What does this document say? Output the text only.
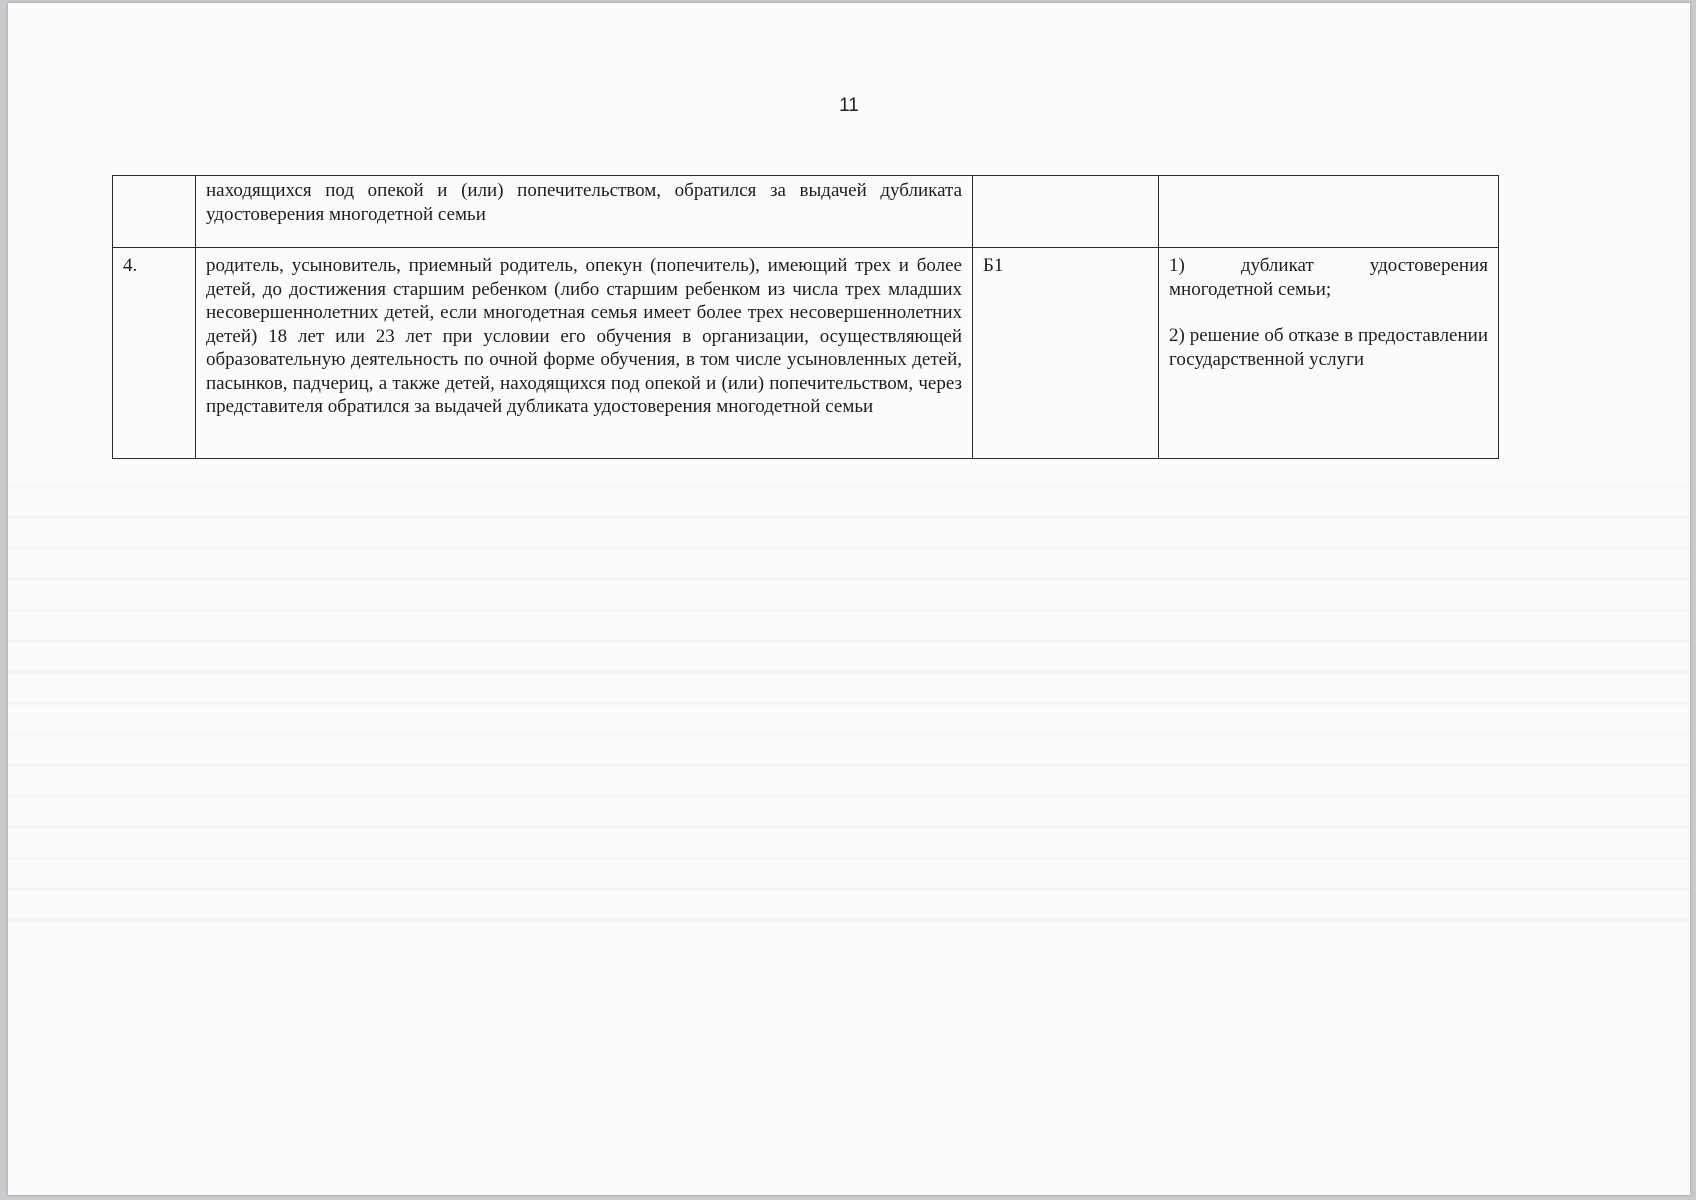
11
	находящихся под опекой и (или) попечительством, обратился за выдачей дубликата удостоверения многодетной семьи		
4.	родитель, усыновитель, приемный родитель, опекун (попечитель), имеющий трех и более детей, до достижения старшим ребенком (либо старшим ребенком из числа трех младших несовершеннолетних детей, если многодетная семья имеет более трех несовершеннолетних детей) 18 лет или 23 лет при условии его обучения в организации, осуществляющей образовательную деятельность по очной форме обучения, в том числе усыновленных детей, пасынков, падчериц, а также детей, находящихся под опекой и (или) попечительством, через представителя обратился за выдачей дубликата удостоверения многодетной семьи	Б1	1) дубликат удостоверения многодетной семьи;
2) решение об отказе в предоставлении государственной услуги
